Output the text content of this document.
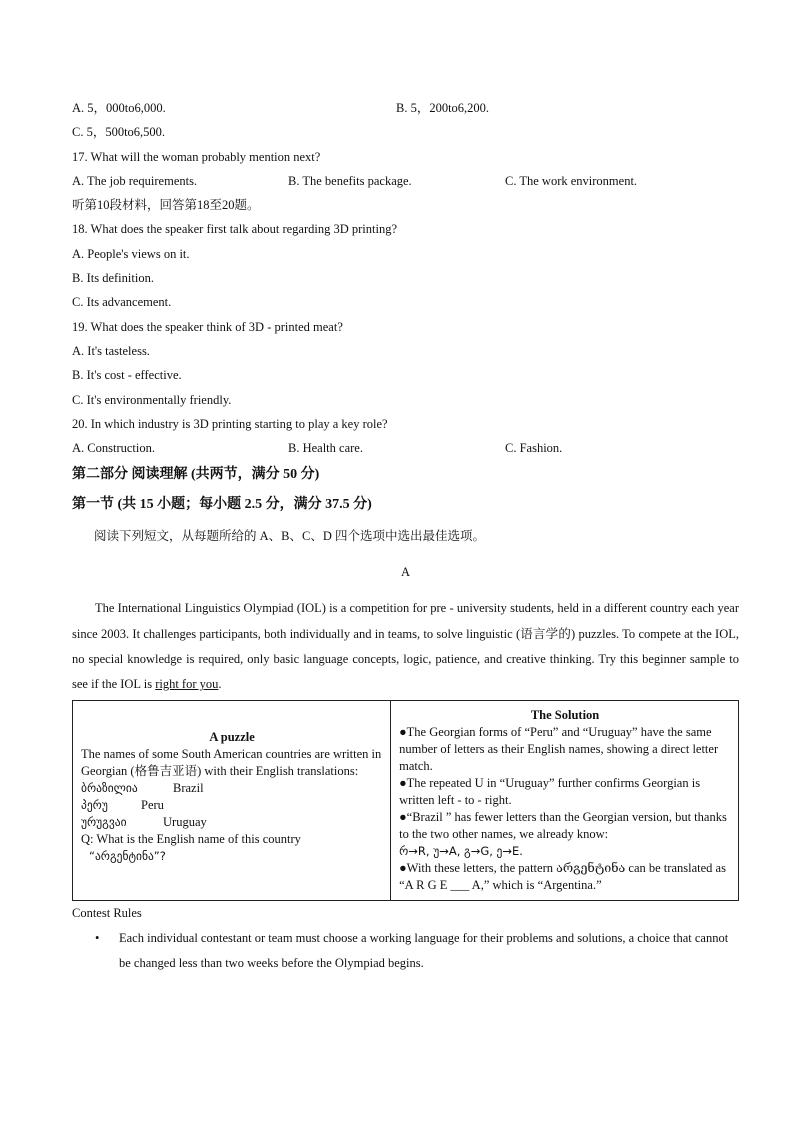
A. 5，000to6,000.	B. 5，200to6,200.
C. 5，500to6,500.
17. What will the woman probably mention next?
A. The job requirements.	B. The benefits package.	C. The work environment.
听第10段材料，回答第18至20题。
18. What does the speaker first talk about regarding 3D printing?
A. People's views on it.
B. Its definition.
C. Its advancement.
19. What does the speaker think of 3D - printed meat?
A. It's tasteless.
B. It's cost - effective.
C. It's environmentally friendly.
20. In which industry is 3D printing starting to play a key role?
A. Construction.	B. Health care.	C. Fashion.
第二部分 阅读理解 (共两节，满分 50 分)
第一节 (共 15 小题；每小题 2.5 分，满分 37.5 分)
阅读下列短文，从每题所给的 A、B、C、D 四个选项中选出最佳选项。
A
The International Linguistics Olympiad (IOL) is a competition for pre - university students, held in a different country each year since 2003. It challenges participants, both individually and in teams, to solve linguistic (语言学的) puzzles. To compete at the IOL, no special knowledge is required, only basic language concepts, logic, patience, and creative thinking. Try this beginner sample to see if the IOL is right for you.
A puzzle
The names of some South American countries are written in Georgian (格鲁吉亚语) with their English translations:
ბრაზილია	Brazil
პერუ	Peru
ურუგვაი	Uruguay
Q: What is the English name of this country
“არგენტინა”?

The Solution
●The Georgian forms of “Peru” and “Uruguay” have the same number of letters as their English names, showing a direct letter match.
●The repeated U in “Uruguay” further confirms Georgian is written left - to - right.
●“Brazil ” has fewer letters than the Georgian version, but thanks to the two other names, we already know:
რ→R, უ→A, გ→G, ე→E.
●With these letters, the pattern არგენტინა can be translated as “A R G E ___ A,” which is “Argentina.”
Contest Rules
• Each individual contestant or team must choose a working language for their problems and solutions, a choice that cannot be changed less than two weeks before the Olympiad begins.
